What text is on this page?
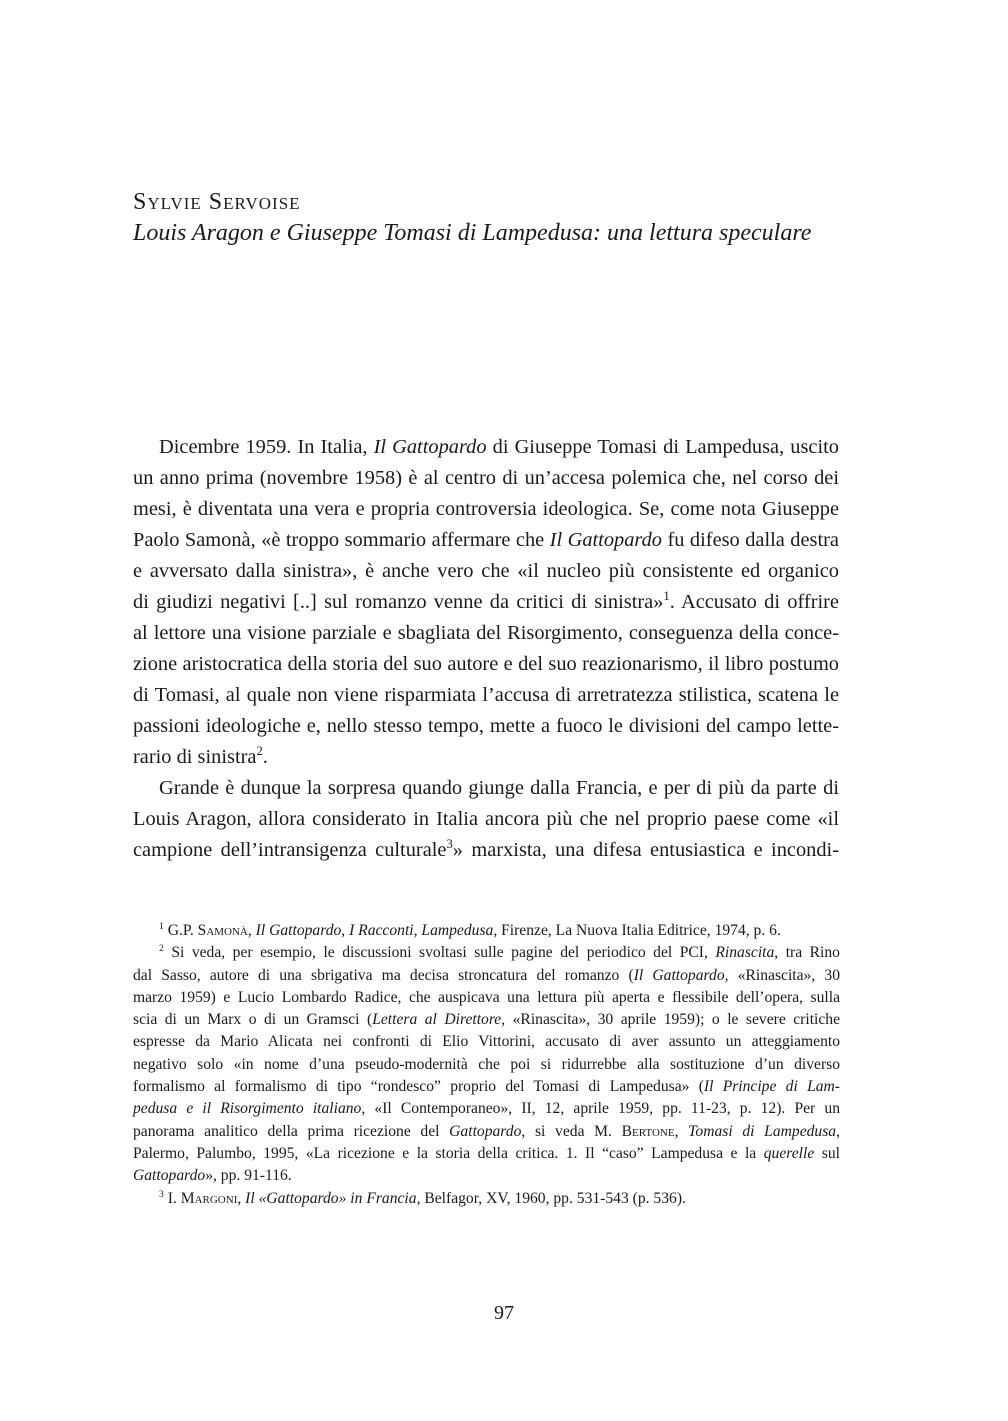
Sylvie Servoise
Louis Aragon e Giuseppe Tomasi di Lampedusa: una lettura speculare
Dicembre 1959. In Italia, Il Gattopardo di Giuseppe Tomasi di Lampedusa, uscito
un anno prima (novembre 1958) è al centro di un’accesa polemica che, nel corso dei
mesi, è diventata una vera e propria controversia ideologica. Se, come nota Giuseppe
Paolo Samonà, «è troppo sommario affermare che Il Gattopardo fu difeso dalla destra
e avversato dalla sinistra», è anche vero che «il nucleo più consistente ed organico
di giudizi negativi [..] sul romanzo venne da critici di sinistra»$^1$. Accusato di offrire
al lettore una visione parziale e sbagliata del Risorgimento, conseguenza della conce-
zione aristocratica della storia del suo autore e del suo reazionarismo, il libro postumo
di Tomasi, al quale non viene risparmiata l’accusa di arretratezza stilistica, scatena le
passioni ideologiche e, nello stesso tempo, mette a fuoco le divisioni del campo lette-
rario di sinistra$^2$.
Grande è dunque la sorpresa quando giunge dalla Francia, e per di più da parte di
Louis Aragon, allora considerato in Italia ancora più che nel proprio paese come «il
campione dell’intransigenza culturale$^3$» marxista, una difesa entusiastica e incondi-
$^1$ G.P. Samonà, Il Gattopardo, I Racconti, Lampedusa, Firenze, La Nuova Italia Editrice, 1974, p. 6.
$^2$ Si veda, per esempio, le discussioni svoltasi sulle pagine del periodico del PCI, Rinascita, tra Rino
dal Sasso, autore di una sbrigativa ma decisa stroncatura del romanzo (Il Gattopardo, «Rinascita», 30
marzo 1959) e Lucio Lombardo Radice, che auspicava una lettura più aperta e flessibile dell’opera, sulla
scia di un Marx o di un Gramsci (Lettera al Direttore, «Rinascita», 30 aprile 1959); o le severe critiche
espresse da Mario Alicata nei confronti di Elio Vittorini, accusato di aver assunto un atteggiamento
negativo solo «in nome d’una pseudo-modernità che poi si ridurrebbe alla sostituzione d’un diverso
formalismo al formalismo di tipo “rondesco” proprio del Tomasi di Lampedusa» (Il Principe di Lam-
pedusa e il Risorgimento italiano, «Il Contemporaneo», II, 12, aprile 1959, pp. 11-23, p. 12). Per un
panorama analitico della prima ricezione del Gattopardo, si veda M. Bertone, Tomasi di Lampedusa,
Palermo, Palumbo, 1995, «La ricezione e la storia della critica. 1. Il “caso” Lampedusa e la querelle sul
Gattopardo», pp. 91-116.
$^3$ I. Margoni, Il «Gattopardo» in Francia, Belfagor, XV, 1960, pp. 531-543 (p. 536).
97
